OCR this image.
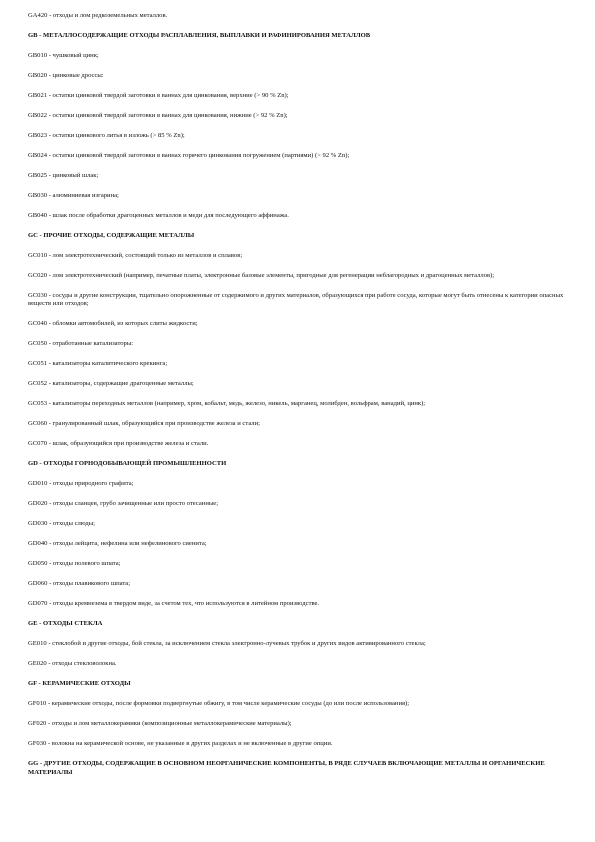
GA420 - отходы и лом редкоземельных металлов.
GB - МЕТАЛЛОСОДЕРЖАЩИЕ ОТХОДЫ РАСПЛАВЛЕНИЯ, ВЫПЛАВКИ И РАФИНИРОВАНИЯ МЕТАЛЛОВ
GB010 - чушковый цинк;
GB020 - цинковые дроссы:
GB021 - остатки цинковой твердой заготовки в ваннах для цинкования, верхние (> 90 % Zn);
GB022 - остатки цинковой твердой заготовки в ваннах для цинкования, нижние (> 92 % Zn);
GB023 - остатки цинкового литья в изложь (> 85 % Zn);
GB024 - остатки цинковой твердой заготовки в ваннах горячего цинкования погружением (партиями) (> 92 % Zn);
GB025 - цинковый шлак;
GB030 - алюминиевая изгарина;
GB040 - шлак после обработки драгоценных металлов и меди для последующего аффинажа.
GC - ПРОЧИЕ ОТХОДЫ, СОДЕРЖАЩИЕ МЕТАЛЛЫ
GC010 - лом электротехнический, состоящий только из металлов и сплавов;
GC020 - лом электротехнический (например, печатные платы, электронные базовые элементы, пригодные для регенерации неблагородных и драгоценных металлов);
GC030 - сосуды и другие конструкции, тщательно опорожненные от содержимого и других материалов, образующихся при работе сосуда, которые могут быть отнесены к категории опасных веществ или отходов;
GC040 - обломки автомобилей, из которых слиты жидкости;
GC050 - отработанные катализаторы:
GC051 - катализаторы каталитического крекинга;
GC052 - катализаторы, содержащие драгоценные металлы;
GC053 - катализаторы переходных металлов (например, хром, кобальт, медь, железо, никель, марганец, молибден, вольфрам, ванадий, цинк);
GC060 - гранулированный шлак, образующийся при производстве железа и стали;
GC070 - шлак, образующийся при производстве железа и стали.
GD - ОТХОДЫ ГОРНОДОБЫВАЮЩЕЙ ПРОМЫШЛЕННОСТИ
GD010 - отходы природного графита;
GD020 - отходы сланцев, грубо зачищенные или просто отесанные;
GD030 - отходы слюды;
GD040 - отходы лейцита, нефелина или нефелинового сиенита;
GD050 - отходы полевого шпата;
GD060 - отходы плавикового шпата;
GD070 - отходы кремнезема в твердом виде, за счетом тех, что используются в литейном производстве.
GE - ОТХОДЫ СТЕКЛА
GE010 - стеклобой и другие отходы, бой стекла, за исключением стекла электронно-лучевых трубок и других видов активированного стекла;
GE020 - отходы стекловолокна.
GF - КЕРАМИЧЕСКИЕ ОТХОДЫ
GF010 - керамические отходы, после формовки подвергнутые обжигу, в том числе керамические сосуды (до или после использования);
GF020 - отходы и лом металлокерамики (композиционные металлокерамические материалы);
GF030 - волокна на керамической основе, не указанные в других разделах и не включенные в другие опции.
GG - ДРУГИЕ ОТХОДЫ, СОДЕРЖАЩИЕ В ОСНОВНОМ НЕОРГАНИЧЕСКИЕ КОМПОНЕНТЫ, В РЯДЕ СЛУЧАЕВ ВКЛЮЧАЮЩИЕ МЕТАЛЛЫ И ОРГАНИЧЕСКИЕ МАТЕРИАЛЫ
